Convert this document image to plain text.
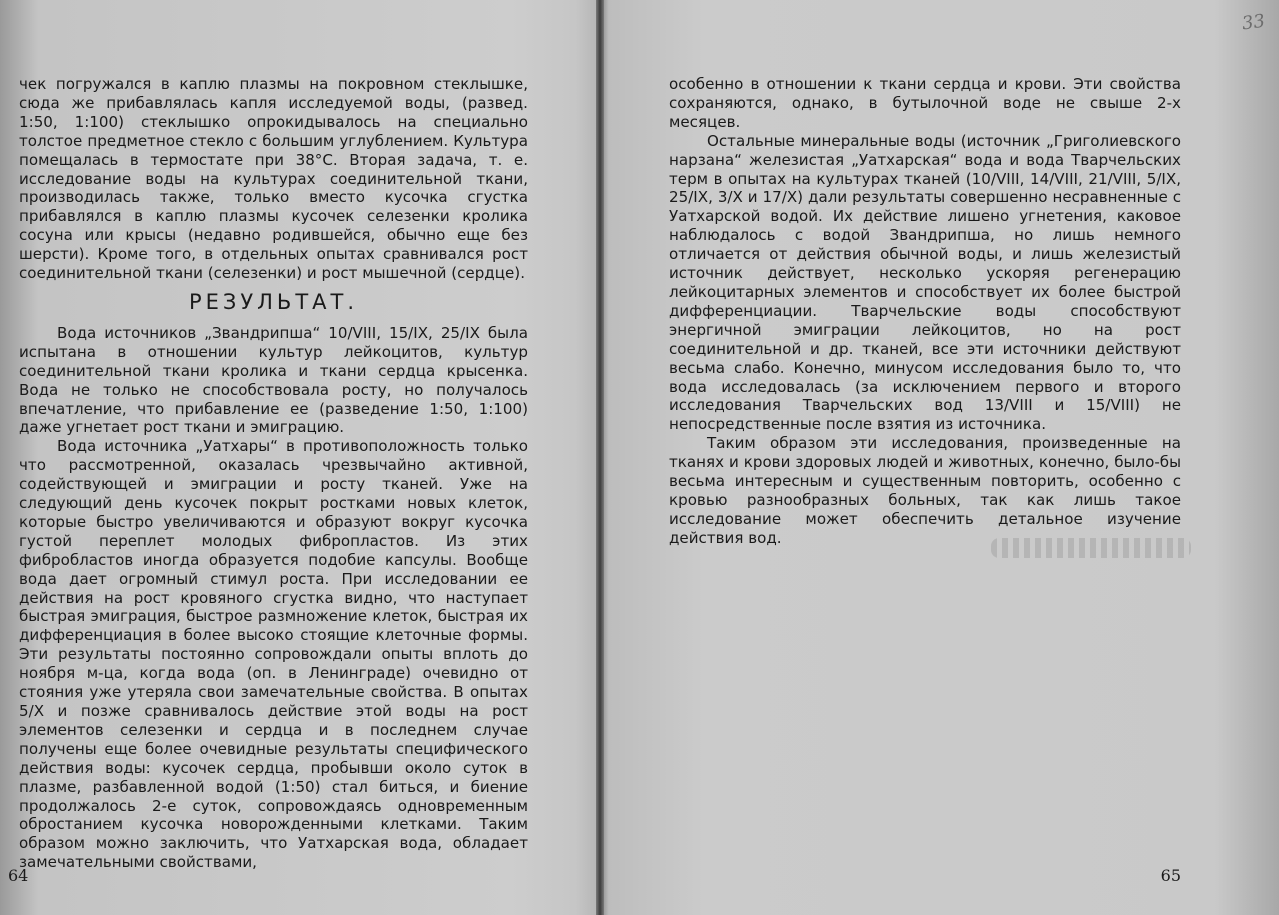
чек погружался в каплю плазмы на покровном стеклышке, сюда же прибавлялась капля исследуемой воды, (развед. 1:50, 1:100) стеклышко опрокидывалось на специально толстое предметное стекло с большим углублением. Культура помещалась в термостате при 38°С. Вторая задача, т. е. исследование воды на культурах соединительной ткани, производилась также, только вместо кусочка сгустка прибавлялся в каплю плазмы кусочек селезенки кролика сосуна или крысы (недавно родившейся, обычно еще без шерсти). Кроме того, в отдельных опытах сравнивался рост соединительной ткани (селезенки) и рост мышечной (сердце).

РЕЗУЛЬТАТ.

Вода источников „Звандрипша“ 10/VIII, 15/IX, 25/IX была испытана в отношении культур лейкоцитов, культур соединительной ткани кролика и ткани сердца крысенка. Вода не только не способствовала росту, но получалось впечатление, что прибавление ее (разведение 1:50, 1:100) даже угнетает рост ткани и эмиграцию.

Вода источника „Уатхары“ в противоположность только что рассмотренной, оказалась чрезвычайно активной, содействующей и эмиграции и росту тканей. Уже на следующий день кусочек покрыт ростками новых клеток, которые быстро увеличиваются и образуют вокруг кусочка густой переплет молодых фибропластов. Из этих фибробластов иногда образуется подобие капсулы. Вообще вода дает огромный стимул роста. При исследовании ее действия на рост кровяного сгустка видно, что наступает быстрая эмиграция, быстрое размножение клеток, быстрая их дифференциация в более высоко стоящие клеточные формы. Эти результаты постоянно сопровождали опыты вплоть до ноября м-ца, когда вода (оп. в Ленинграде) очевидно от стояния уже утеряла свои замечательные свойства. В опытах 5/X и позже сравнивалось действие этой воды на рост элементов селезенки и сердца и в последнем случае получены еще более очевидные результаты специфического действия воды: кусочек сердца, пробывши около суток в плазме, разбавленной водой (1:50) стал биться, и биение продолжалось 2-е суток, сопровождаясь одновременным обростанием кусочка новорожденными клетками. Таким образом можно заключить, что Уатхарская вода, обладает замечательными свойствами,

64

особенно в отношении к ткани сердца и крови. Эти свойства сохраняются, однако, в бутылочной воде не свыше 2-х месяцев.

Остальные минеральные воды (источник „Григолиевского нарзана“ железистая „Уатхарская“ вода и вода Тварчельских терм в опытах на культурах тканей (10/VIII, 14/VIII, 21/VIII, 5/IX, 25/IX, 3/X и 17/X) дали результаты совершенно несравненные с Уатхарской водой. Их действие лишено угнетения, каковое наблюдалось с водой Звандрипша, но лишь немного отличается от действия обычной воды, и лишь железистый источник действует, несколько ускоряя регенерацию лейкоцитарных элементов и способствует их более быстрой дифференциации. Тварчельские воды способствуют энергичной эмиграции лейкоцитов, но на рост соединительной и др. тканей, все эти источники действуют весьма слабо. Конечно, минусом исследования было то, что вода исследовалась (за исключением первого и второго исследования Тварчельских вод 13/VIII и 15/VIII) не непосредственные после взятия из источника.

Таким образом эти исследования, произведенные на тканях и крови здоровых людей и животных, конечно, было-бы весьма интересным и существенным повторить, особенно с кровью разнообразных больных, так как лишь такое исследование может обеспечить детальное изучение действия вод.

33
65
